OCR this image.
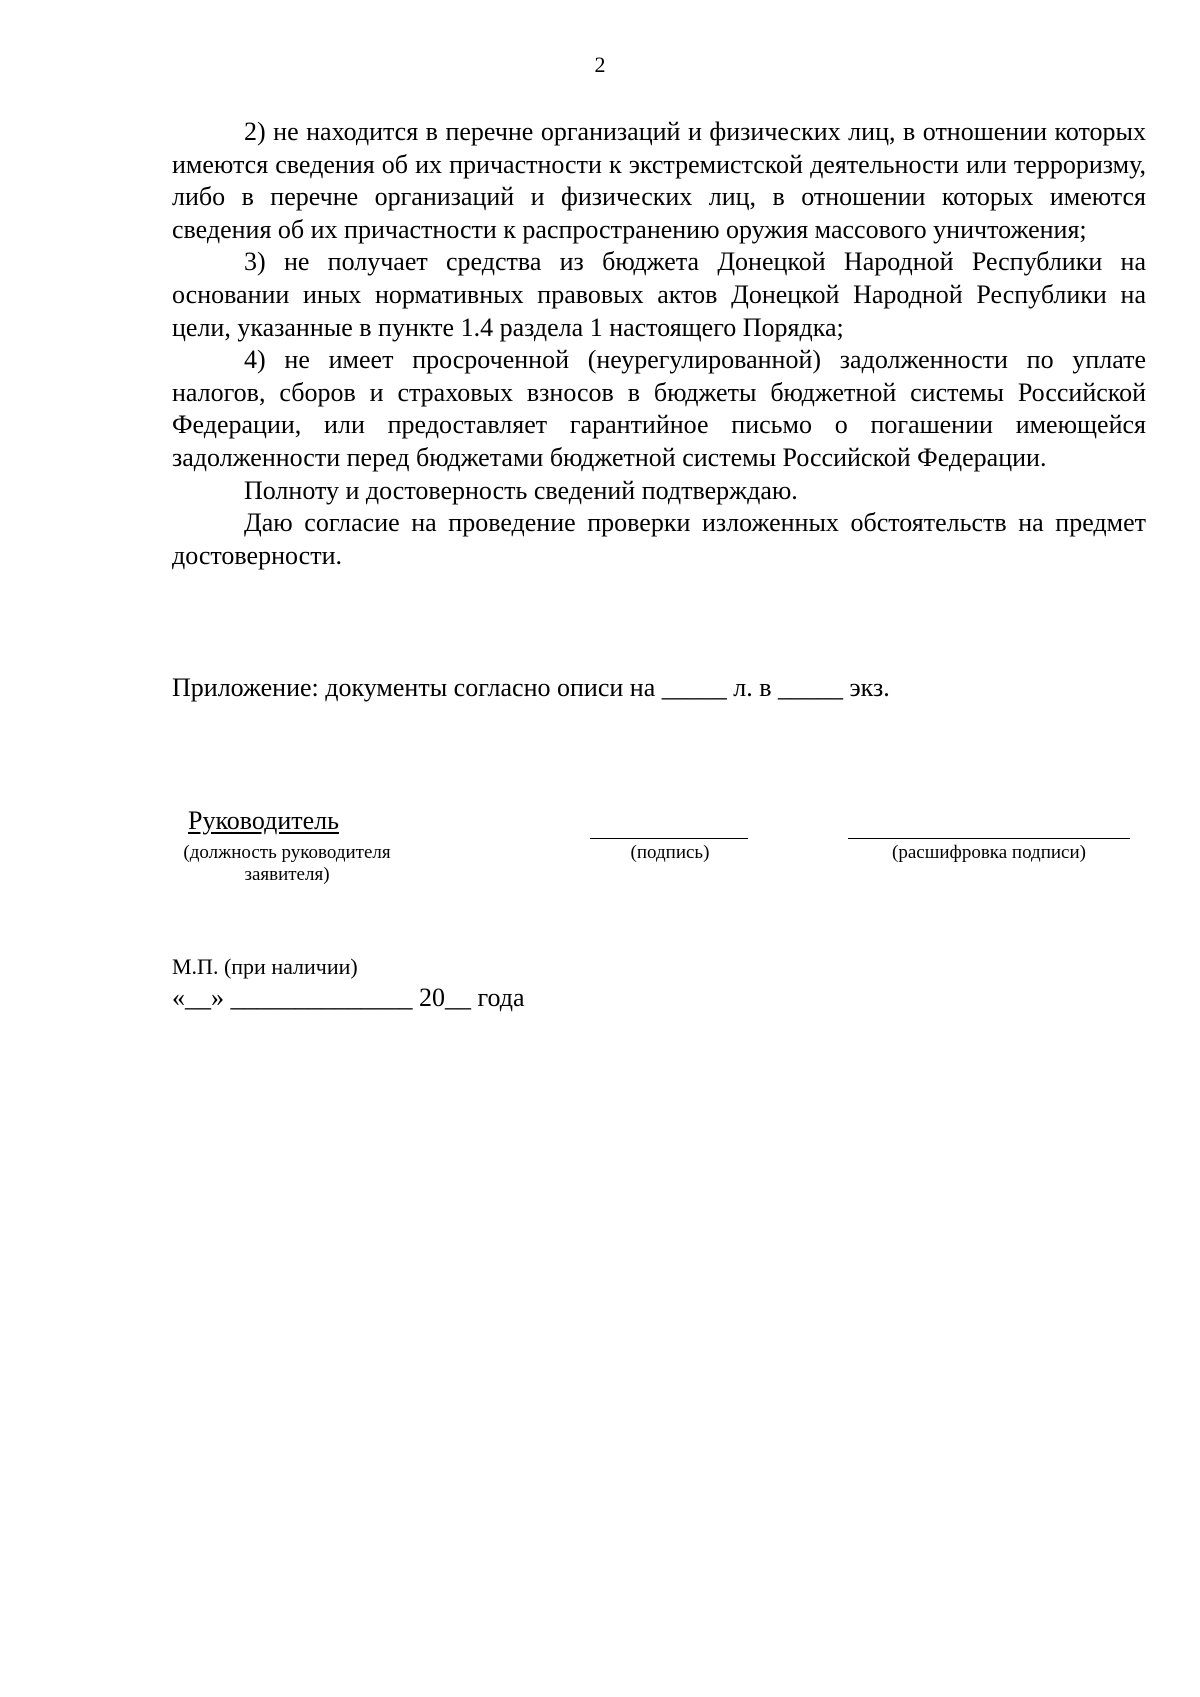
2

2) не находится в перечне организаций и физических лиц, в отношении которых имеются сведения об их причастности к экстремистской деятельности или терроризму, либо в перечне организаций и физических лиц, в отношении которых имеются сведения об их причастности к распространению оружия массового уничтожения;

3) не получает средства из бюджета Донецкой Народной Республики на основании иных нормативных правовых актов Донецкой Народной Республики на цели, указанные в пункте 1.4 раздела 1 настоящего Порядка;

4) не имеет просроченной (неурегулированной) задолженности по уплате налогов, сборов и страховых взносов в бюджеты бюджетной системы Российской Федерации, или предоставляет гарантийное письмо о погашении имеющейся задолженности перед бюджетами бюджетной системы Российской Федерации.

Полноту и достоверность сведений подтверждаю.

Даю согласие на проведение проверки изложенных обстоятельств на предмет достоверности.

Приложение: документы согласно описи на _____ л. в _____ экз.
Руководитель
(должность руководителя
заявителя)
(подпись)	(расшифровка подписи)
М.П. (при наличии)
«__» ______________ 20__ года
